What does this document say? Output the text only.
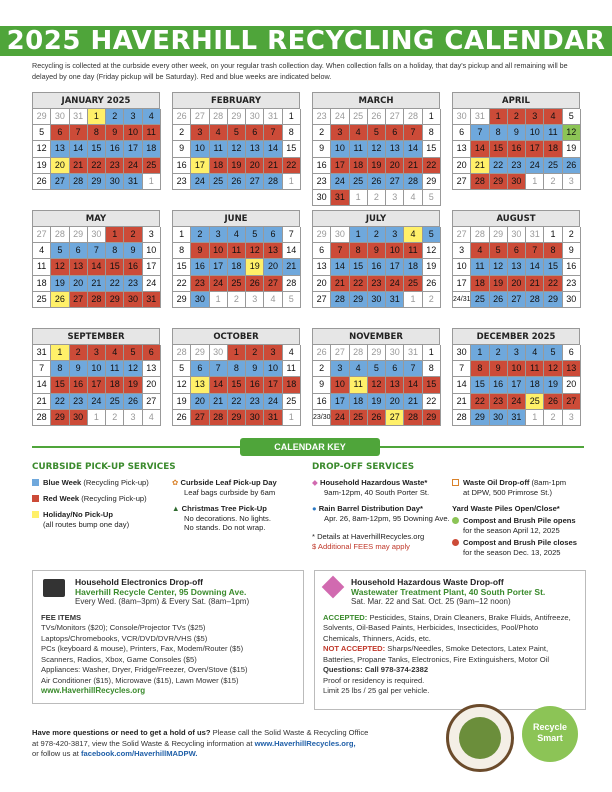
2025 HAVERHILL RECYCLING CALENDAR
Recycling is collected at the curbside every other week, on your regular trash collection day. When collection falls on a holiday, that day's pickup and all remaining will be delayed by one day (Friday pickup will be Saturday). Red and blue weeks are indicated below.
JANUARY 2025
29 30 31	1	2	3	4
5	6	7	8	9	10 11
12 13 14 15 16 17 18
19 20 21 22 23 24 25
26 27 28 29 30 31	1
FEBRUARY
26 27 28 29 30 31	1
2	3	4	5	6	7	8
9	10 11 12 13 14 15
16 17 18 19 20 21 22
23 24 25 26 27 28	1
MARCH
23 24 25 26 27 28	1
2	3	4	5	6	7	8
9	10 11 12 13 14 15
16 17 18 19 20 21 22
23 24 25 26 27 28 29
30 31	1	2	3	4	5
APRIL
30 31	1	2	3	4	5
6	7	8	9	10 11 12
13 14 15 16 17 18 19
20 21 22 23 24 25 26
27 28 29 30	1	2	3
MAY
27 28 29 30	1	2	3
4	5	6	7	8	9	10
11 12 13 14 15 16 17
18 19 20 21 22 23 24
25 26 27 28 29 30 31
JUNE
1	2	3	4	5	6	7
8	9	10 11 12 13 14
15 16 17 18 19 20 21
22 23 24 25 26 27 28
29 30	1	2	3	4	5
JULY
29 30	1	2	3	4	5
6	7	8	9	10 11 12
13 14 15 16 17 18 19
20 21 22 23 24 25 26
27 28 29 30 31	1	2
AUGUST
27 28 29 30 31	1	2
3	4	5	6	7	8	9
10 11 12 13 14 15 16
17 18 19 20 21 22 23
24/31 25 26 27 28 29 30
SEPTEMBER
31	1	2	3	4	5	6
7	8	9	10 11 12 13
14 15 16 17 18 19 20
21 22 23 24 25 26 27
28 29 30	1	2	3	4
OCTOBER
28 29 30	1	2	3	4
5	6	7	8	9	10 11
12 13 14 15 16 17 18
19 20 21 22 23 24 25
26 27 28 29 30 31	1
NOVEMBER
26 27 28 29 30 31	1
2	3	4	5	6	7	8
9	10 11 12 13 14 15
16 17 18 19 20 21 22
23/30 24 25 26 27 28 29
DECEMBER 2025
30	1	2	3	4	5	6
7	8	9	10 11 12 13
14 15 16 17 18 19 20
21 22 23 24 25 26 27
28 29 30 31	1	2	3
CALENDAR KEY
CURBSIDE PICK-UP SERVICES
Blue Week (Recycling Pick-up)
Red Week (Recycling Pick-up)
Holiday/No Pick-Up
(all routes bump one day)
✿ Curbside Leaf Pick-up Day
Leaf bags curbside by 6am
▲ Christmas Tree Pick-Up
No decorations. No lights.
No stands. Do not wrap.
DROP-OFF SERVICES
◆ Household Hazardous Waste*
9am-12pm, 40 South Porter St.
● Rain Barrel Distribution Day*
Apr. 26, 8am-12pm, 95 Downing Ave.
* Details at HaverhillRecycles.org
$ Additional FEES may apply
Waste Oil Drop-off (8am-1pm
at DPW, 500 Primrose St.)
Yard Waste Piles Open/Close*
Compost and Brush Pile opens
for the season April 12, 2025
Compost and Brush Pile closes
for the season Dec. 13, 2025
Household Electronics Drop-off
Haverhill Recycle Center, 95 Downing Ave.

Every Wed. (8am–3pm) & Every Sat. (8am–1pm)

FEE ITEMS

TVs/Monitors ($20); Console/Projector TVs ($25)

Laptops/Chromebooks, VCR/DVD/DVR/VHS ($5)

PCs (keyboard & mouse), Printers, Fax, Modem/Router ($5)

Scanners, Radios, Xbox, Game Consoles ($5)

Appliances: Washer, Dryer, Fridge/Freezer, Oven/Stove ($15)

Air Conditioner ($15), Microwave ($15), Lawn Mower ($15)

www.HaverhillRecycles.org

Household Hazardous Waste Drop-off
Wastewater Treatment Plant, 40 South Porter St.

Sat. Mar. 22 and Sat. Oct. 25 (9am–12 noon)

ACCEPTED: Pesticides, Stains, Drain Cleaners, Brake Fluids, Antifreeze, Solvents, Oil-Based Paints, Herbicides, Insecticides, Pool/Photo Chemicals, Thinners, Acids, etc.

NOT ACCEPTED: Sharps/Needles, Smoke Detectors, Latex Paint, Batteries, Propane Tanks, Electronics, Fire Extinguishers, Motor Oil

Questions: Call 978-374-2382

Proof or residency is required.

Limit 25 lbs / 25 gal per vehicle.

Have more questions or need to get a hold of us? Please call the Solid Waste & Recycling Office
at 978-420-3817, view the Solid Waste & Recycling information at www.HaverhillRecycles.org,
or follow us at facebook.com/HaverhillMADPW.
Recycle Smart
